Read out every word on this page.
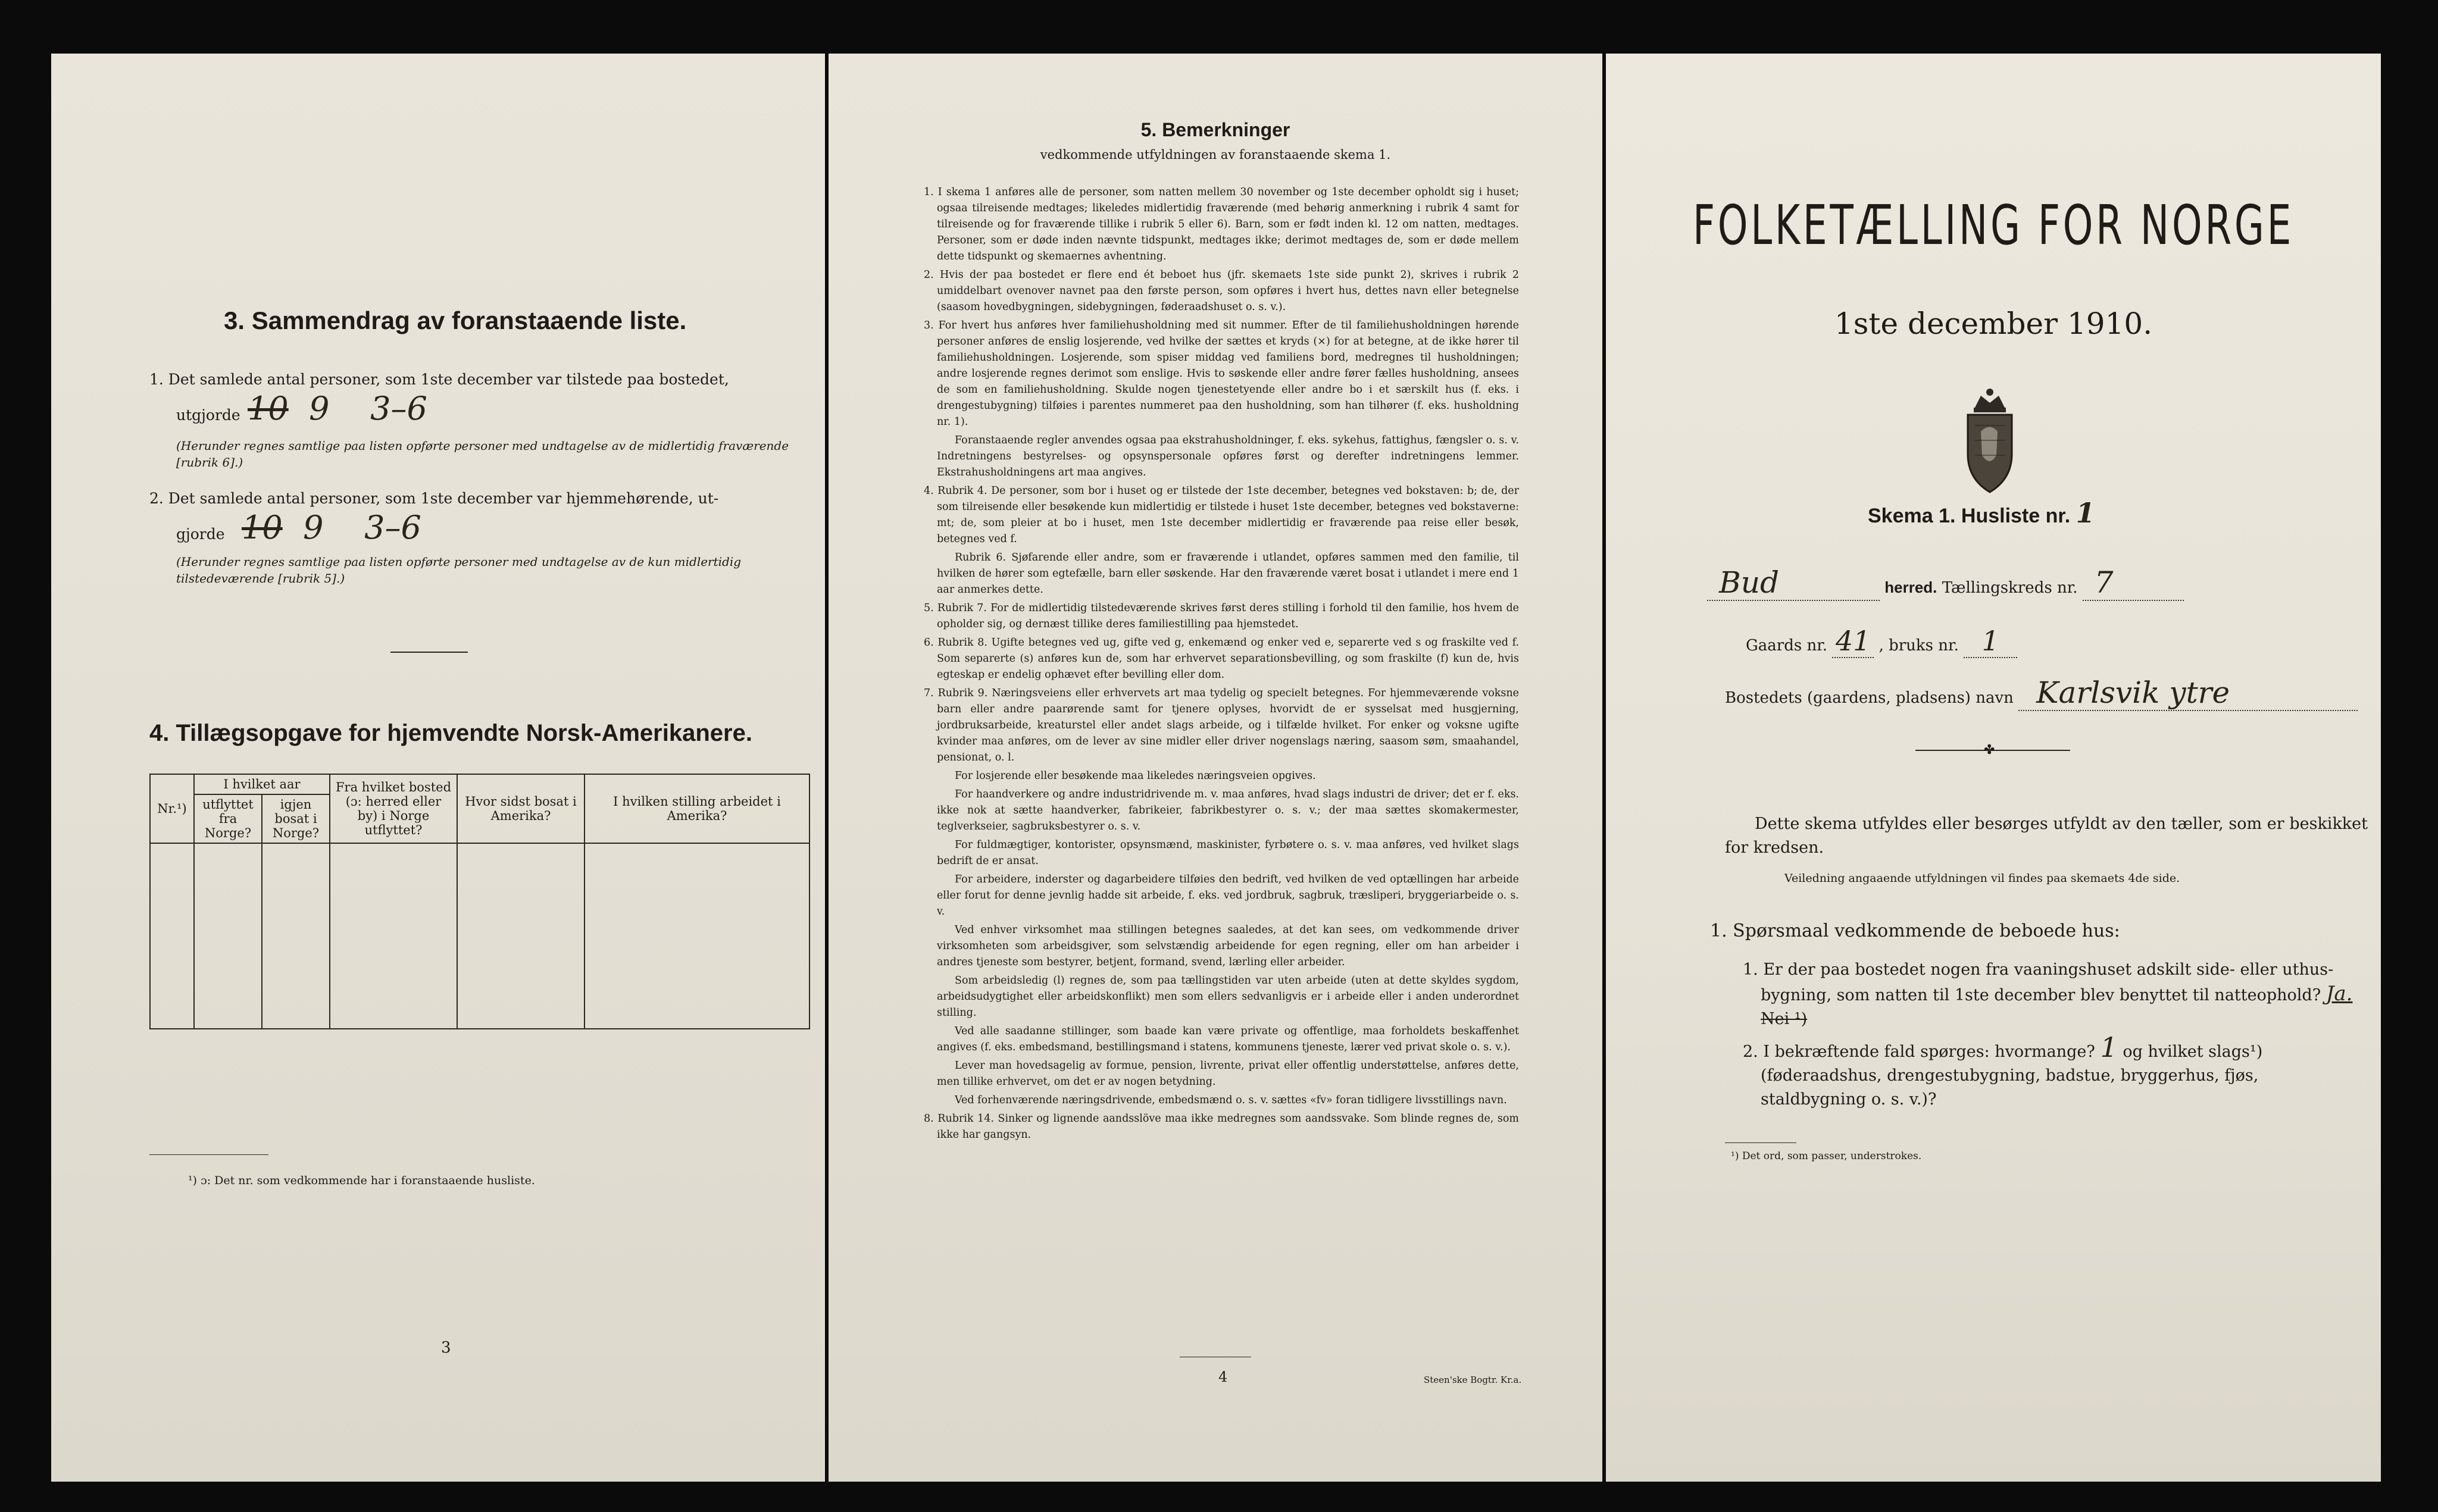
3. Sammendrag av foranstaaende liste.
1. Det samlede antal personer, som 1ste december var tilstede paa bostedet,
utgjorde 10 9 3–6
(Herunder regnes samtlige paa listen opførte personer med undtagelse av de midlertidig fraværende [rubrik 6].)
2. Det samlede antal personer, som 1ste december var hjemmehørende, ut-
gjorde 10 9 3–6
(Herunder regnes samtlige paa listen opførte personer med undtagelse av de kun midlertidig tilstedeværende [rubrik 5].)
4. Tillægsopgave for hjemvendte Norsk-Amerikanere.
Nr.¹)	I hvilket aar		Fra hvilket bosted (ɔ: herred eller by) i Norge utflyttet?	Hvor sidst bosat i Amerika?	I hvilken stilling arbeidet i Amerika?
	utflyttet fra Norge?	igjen bosat i Norge?			

¹) ɔ: Det nr. som vedkommende har i foranstaaende husliste.
3
5. Bemerkninger
vedkommende utfyldningen av foranstaaende skema 1.

1. I skema 1 anføres alle de personer, som natten mellem 30 november og 1ste december opholdt sig i huset; ogsaa tilreisende medtages; likeledes midlertidig fraværende (med behørig anmerkning i rubrik 4 samt for tilreisende og for fraværende tillike i rubrik 5 eller 6). Barn, som er født inden kl. 12 om natten, medtages. Personer, som er døde inden nævnte tidspunkt, medtages ikke; derimot medtages de, som er døde mellem dette tidspunkt og skemaernes avhentning.

2. Hvis der paa bostedet er flere end ét beboet hus (jfr. skemaets 1ste side punkt 2), skrives i rubrik 2 umiddelbart ovenover navnet paa den første person, som opføres i hvert hus, dettes navn eller betegnelse (saasom hovedbygningen, sidebygningen, føderaadshuset o. s. v.).

3. For hvert hus anføres hver familiehusholdning med sit nummer. Efter de til familiehusholdningen hørende personer anføres de enslig losjerende, ved hvilke der sættes et kryds (×) for at betegne, at de ikke hører til familiehusholdningen. Losjerende, som spiser middag ved familiens bord, medregnes til husholdningen; andre losjerende regnes derimot som enslige. Hvis to søskende eller andre fører fælles husholdning, ansees de som en familiehusholdning. Skulde nogen tjenestetyende eller andre bo i et særskilt hus (f. eks. i drengestubygning) tilføies i parentes nummeret paa den husholdning, som han tilhører (f. eks. husholdning nr. 1).

Foranstaaende regler anvendes ogsaa paa ekstrahusholdninger, f. eks. sykehus, fattighus, fængsler o. s. v. Indretningens bestyrelses- og opsynspersonale opføres først og derefter indretningens lemmer. Ekstrahusholdningens art maa angives.

4. Rubrik 4. De personer, som bor i huset og er tilstede der 1ste december, betegnes ved bokstaven: b; de, der som tilreisende eller besøkende kun midlertidig er tilstede i huset 1ste december, betegnes ved bokstaverne: mt; de, som pleier at bo i huset, men 1ste december midlertidig er fraværende paa reise eller besøk, betegnes ved f.

Rubrik 6. Sjøfarende eller andre, som er fraværende i utlandet, opføres sammen med den familie, til hvilken de hører som egtefælle, barn eller søskende. Har den fraværende været bosat i utlandet i mere end 1 aar anmerkes dette.

5. Rubrik 7. For de midlertidig tilstedeværende skrives først deres stilling i forhold til den familie, hos hvem de opholder sig, og dernæst tillike deres familiestilling paa hjemstedet.

6. Rubrik 8. Ugifte betegnes ved ug, gifte ved g, enkemænd og enker ved e, separerte ved s og fraskilte ved f. Som separerte (s) anføres kun de, som har erhvervet separationsbevilling, og som fraskilte (f) kun de, hvis egteskap er endelig ophævet efter bevilling eller dom.

7. Rubrik 9. Næringsveiens eller erhvervets art maa tydelig og specielt betegnes. For hjemmeværende voksne barn eller andre paarørende samt for tjenere oplyses, hvorvidt de er sysselsat med husgjerning, jordbruksarbeide, kreaturstel eller andet slags arbeide, og i tilfælde hvilket. For enker og voksne ugifte kvinder maa anføres, om de lever av sine midler eller driver nogenslags næring, saasom søm, smaahandel, pensionat, o. l.

For losjerende eller besøkende maa likeledes næringsveien opgives.

For haandverkere og andre industridrivende m. v. maa anføres, hvad slags industri de driver; det er f. eks. ikke nok at sætte haandverker, fabrikeier, fabrikbestyrer o. s. v.; der maa sættes skomakermester, teglverkseier, sagbruksbestyrer o. s. v.

For fuldmægtiger, kontorister, opsynsmænd, maskinister, fyrbøtere o. s. v. maa anføres, ved hvilket slags bedrift de er ansat.

For arbeidere, inderster og dagarbeidere tilføies den bedrift, ved hvilken de ved optællingen har arbeide eller forut for denne jevnlig hadde sit arbeide, f. eks. ved jordbruk, sagbruk, træsliperi, bryggeriarbeide o. s. v.

Ved enhver virksomhet maa stillingen betegnes saaledes, at det kan sees, om vedkommende driver virksomheten som arbeidsgiver, som selvstændig arbeidende for egen regning, eller om han arbeider i andres tjeneste som bestyrer, betjent, formand, svend, lærling eller arbeider.

Som arbeidsledig (l) regnes de, som paa tællingstiden var uten arbeide (uten at dette skyldes sygdom, arbeidsudygtighet eller arbeidskonflikt) men som ellers sedvanligvis er i arbeide eller i anden underordnet stilling.

Ved alle saadanne stillinger, som baade kan være private og offentlige, maa forholdets beskaffenhet angives (f. eks. embedsmand, bestillingsmand i statens, kommunens tjeneste, lærer ved privat skole o. s. v.).

Lever man hovedsagelig av formue, pension, livrente, privat eller offentlig understøttelse, anføres dette, men tillike erhvervet, om det er av nogen betydning.

Ved forhenværende næringsdrivende, embedsmænd o. s. v. sættes «fv» foran tidligere livsstillings navn.

8. Rubrik 14. Sinker og lignende aandsslöve maa ikke medregnes som aandssvake. Som blinde regnes de, som ikke har gangsyn.

4	Steen'ske Bogtr. Kr.a.
FOLKETÆLLING FOR NORGE
1ste december 1910.
Skema 1. Husliste nr. 1
Bud	herred. Tællingskreds nr. 7
Gaards nr. 41 , bruks nr. 1
Bostedets (gaardens, pladsens) navn Karlsvik ytre
✤
Dette skema utfyldes eller besørges utfyldt av den tæller, som er beskikket for kredsen.
Veiledning angaaende utfyldningen vil findes paa skemaets 4de side.
1. Spørsmaal vedkommende de beboede hus:
1. Er der paa bostedet nogen fra vaaningshuset adskilt side- eller uthus-bygning, som natten til 1ste december blev benyttet til natteophold? Ja. Nei ¹)
2. I bekræftende fald spørges: hvormange? 1 og hvilket slags¹) (føderaadshus, drengestubygning, badstue, bryggerhus, fjøs, staldbygning o. s. v.)?
¹) Det ord, som passer, understrokes.
